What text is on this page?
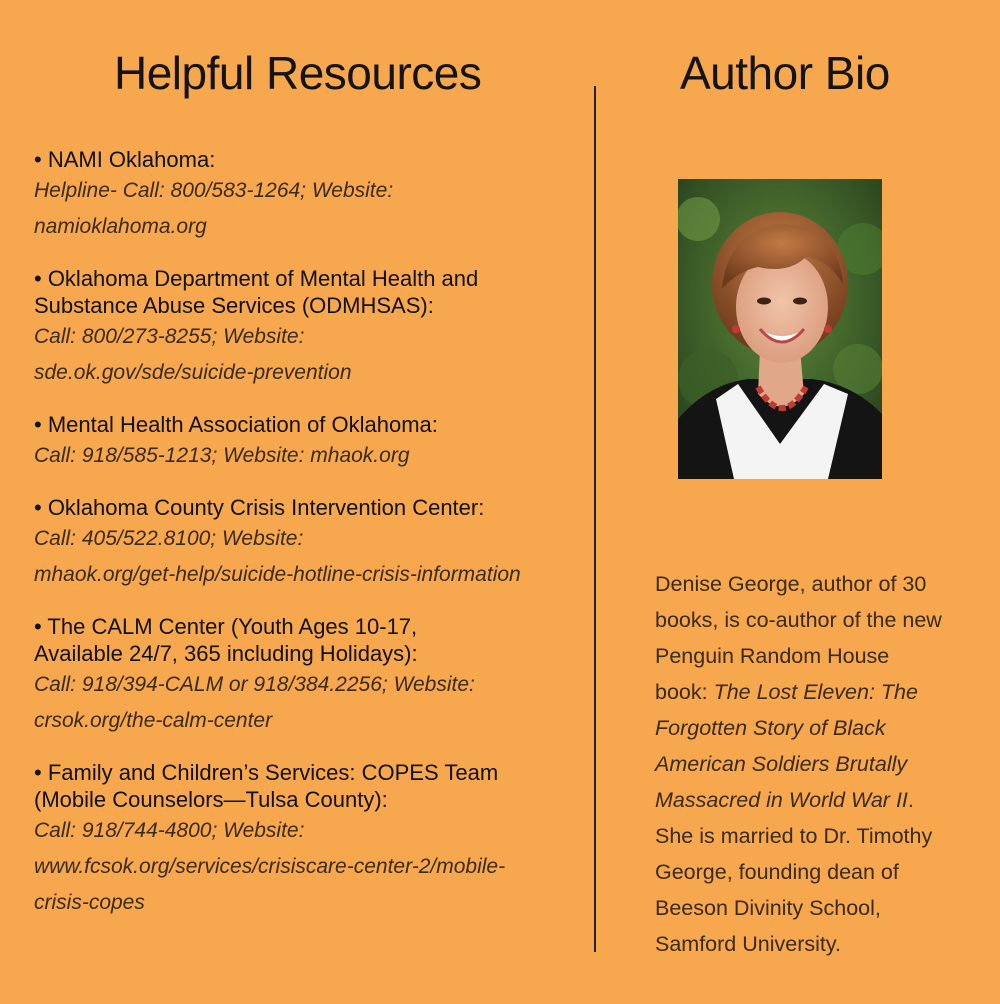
Helpful Resources	Author Bio
• NAMI Oklahoma:
Helpline- Call: 800/583-1264; Website:
namioklahoma.org
• Oklahoma Department of Mental Health and
Substance Abuse Services (ODMHSAS):
Call: 800/273-8255; Website:
sde.ok.gov/sde/suicide-prevention
• Mental Health Association of Oklahoma:
Call: 918/585-1213; Website: mhaok.org
• Oklahoma County Crisis Intervention Center:
Call: 405/522.8100; Website:
mhaok.org/get-help/suicide-hotline-crisis-information
• The CALM Center (Youth Ages 10-17,
Available 24/7, 365 including Holidays):
Call: 918/394-CALM or 918/384.2256; Website:
crsok.org/the-calm-center
• Family and Children’s Services: COPES Team
(Mobile Counselors—Tulsa County):
Call: 918/744-4800; Website:
www.fcsok.org/services/crisiscare-center-2/mobile-
crisis-copes

Denise George, author of 30 books, is co-author of the new Penguin Random House book: The Lost Eleven: The Forgotten Story of Black American Soldiers Brutally Massacred in World War II. She is married to Dr. Timothy George, founding dean of Beeson Divinity School, Samford University.
